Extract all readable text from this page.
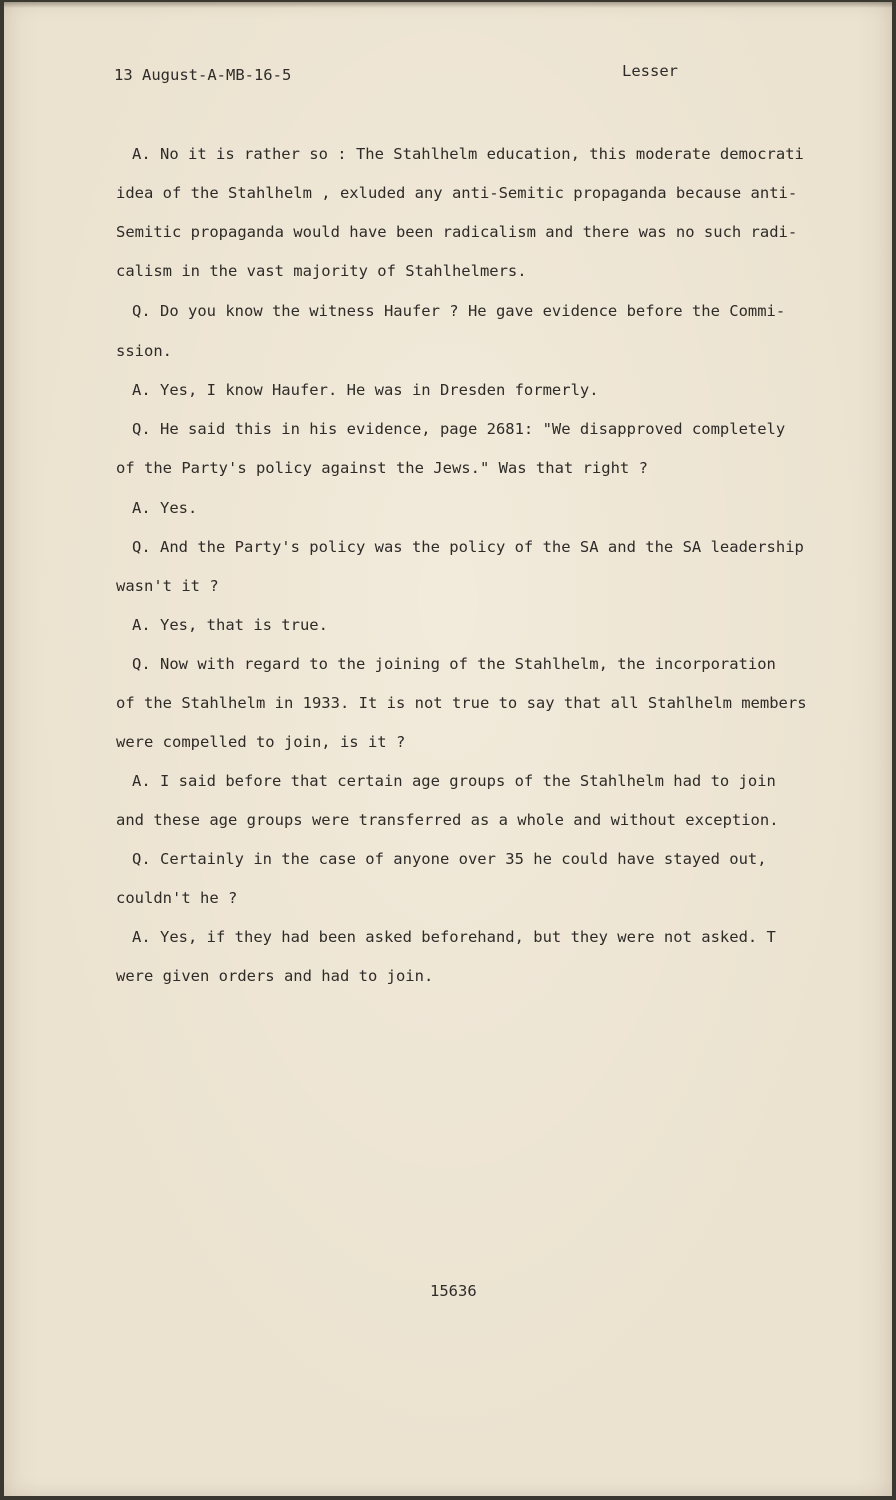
13 August-A-MB-16-5	Lesser
A. No it is rather so : The Stahlhelm education, this moderate democrati
idea of the Stahlhelm , exluded any anti-Semitic propaganda because anti-
Semitic propaganda would have been radicalism and there was no such radi-
calism in the vast majority of Stahlhelmers.
Q. Do you know the witness Haufer ? He gave evidence before the Commi-
ssion.
A. Yes, I know Haufer. He was in Dresden formerly.
Q. He said this in his evidence, page 2681: "We disapproved completely
of the Party's policy against the Jews." Was that right ?
A. Yes.
Q. And the Party's policy was the policy of the SA and the SA leadership
wasn't it ?
A. Yes, that is true.
Q. Now with regard to the joining of the Stahlhelm, the incorporation
of the Stahlhelm in 1933. It is not true to say that all Stahlhelm members
were compelled to join, is it ?
A. I said before that certain age groups of the Stahlhelm had to join
and these age groups were transferred as a whole and without exception.
Q. Certainly in the case of anyone over 35 he could have stayed out,
couldn't he ?
A. Yes, if they had been asked beforehand, but they were not asked. T
were given orders and had to join.
15636
